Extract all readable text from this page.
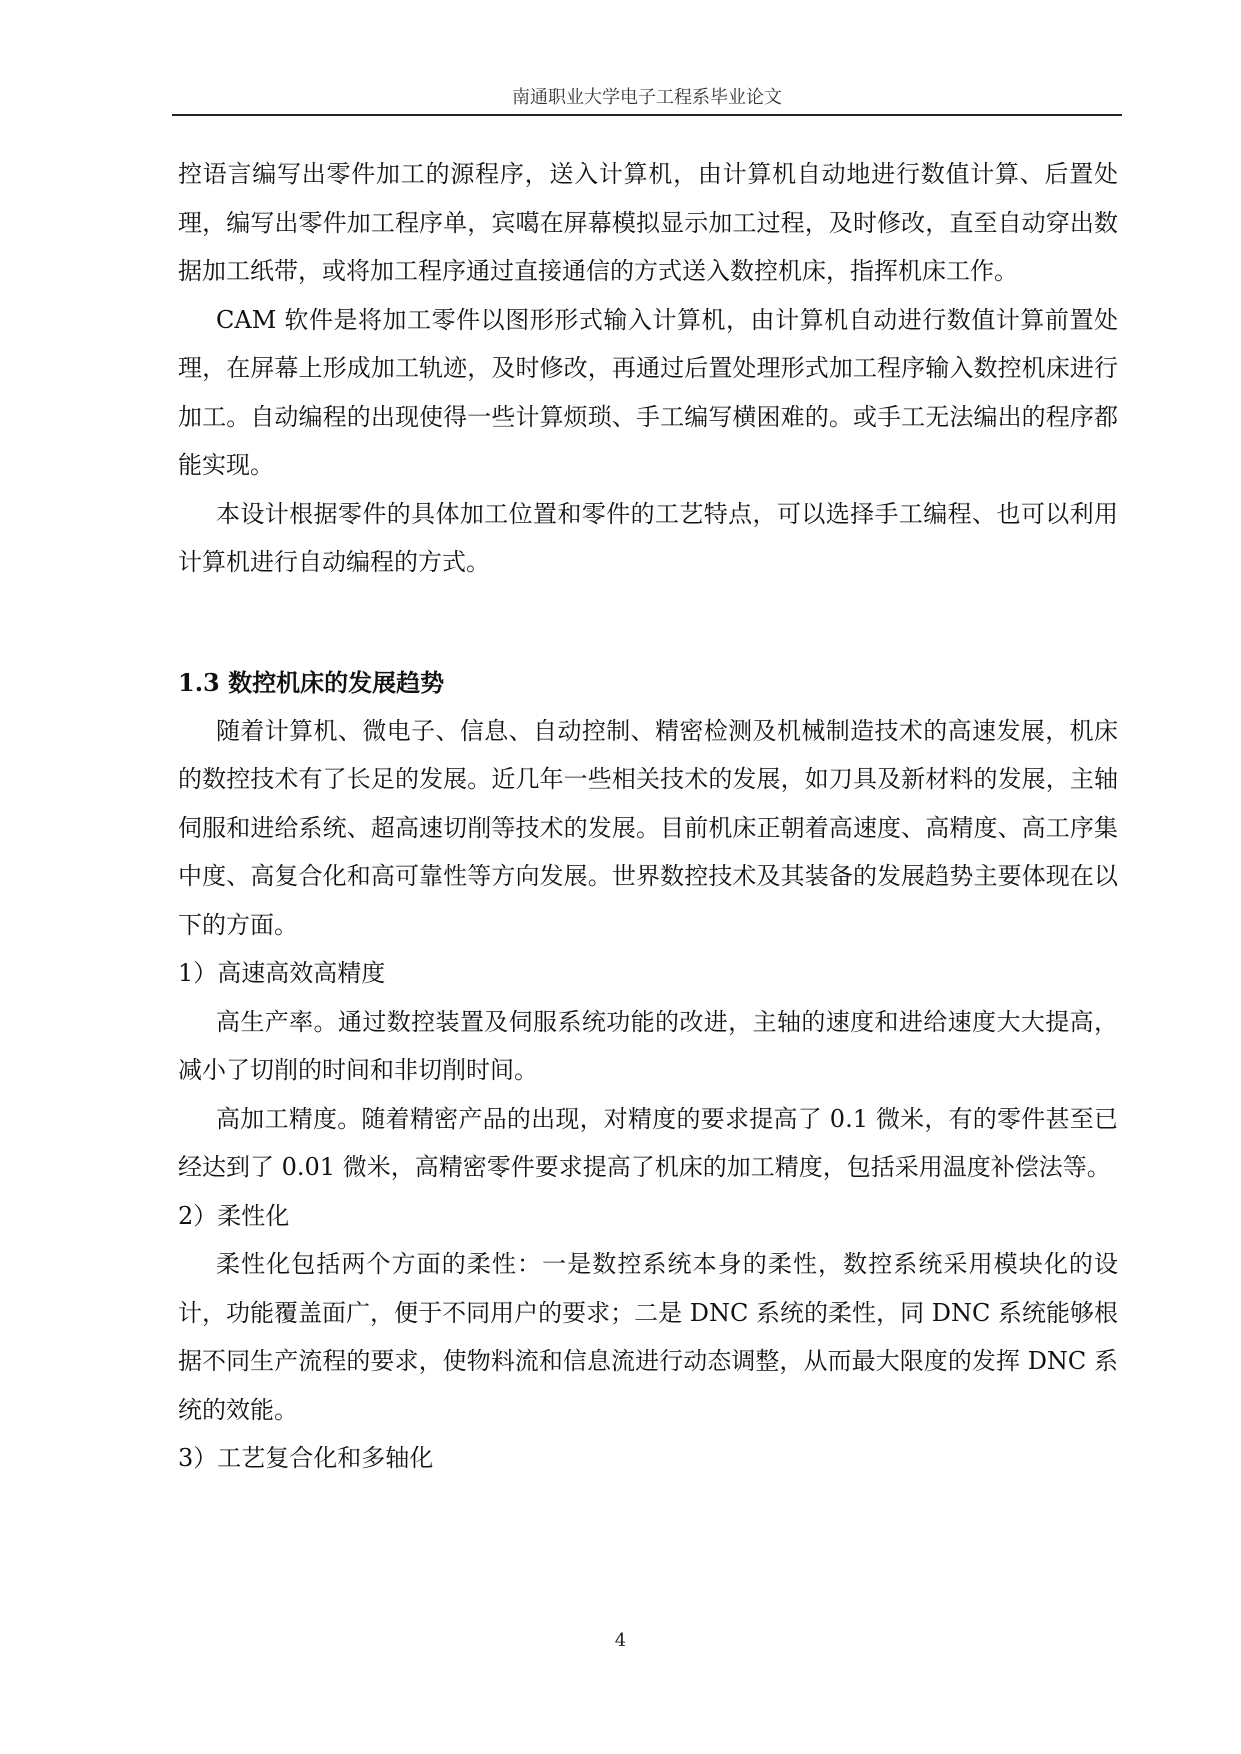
南通职业大学电子工程系毕业论文

控语言编写出零件加工的源程序，送入计算机，由计算机自动地进行数值计算、后置处理，编写出零件加工程序单，宾噶在屏幕模拟显示加工过程，及时修改，直至自动穿出数据加工纸带，或将加工程序通过直接通信的方式送入数控机床，指挥机床工作。

CAM 软件是将加工零件以图形形式输入计算机，由计算机自动进行数值计算前置处理，在屏幕上形成加工轨迹，及时修改，再通过后置处理形式加工程序输入数控机床进行加工。自动编程的出现使得一些计算烦琐、手工编写横困难的。或手工无法编出的程序都能实现。

本设计根据零件的具体加工位置和零件的工艺特点，可以选择手工编程、也可以利用计算机进行自动编程的方式。

1.3 数控机床的发展趋势

随着计算机、微电子、信息、自动控制、精密检测及机械制造技术的高速发展，机床的数控技术有了长足的发展。近几年一些相关技术的发展，如刀具及新材料的发展，主轴伺服和进给系统、超高速切削等技术的发展。目前机床正朝着高速度、高精度、高工序集中度、高复合化和高可靠性等方向发展。世界数控技术及其装备的发展趋势主要体现在以下的方面。

1）高速高效高精度

高生产率。通过数控装置及伺服系统功能的改进，主轴的速度和进给速度大大提高，减小了切削的时间和非切削时间。

高加工精度。随着精密产品的出现，对精度的要求提高了 0.1 微米，有的零件甚至已经达到了 0.01 微米，高精密零件要求提高了机床的加工精度，包括采用温度补偿法等。

2）柔性化

柔性化包括两个方面的柔性：一是数控系统本身的柔性，数控系统采用模块化的设计，功能覆盖面广，便于不同用户的要求；二是 DNC 系统的柔性，同 DNC 系统能够根据不同生产流程的要求，使物料流和信息流进行动态调整，从而最大限度的发挥 DNC 系统的效能。

3）工艺复合化和多轴化

4
